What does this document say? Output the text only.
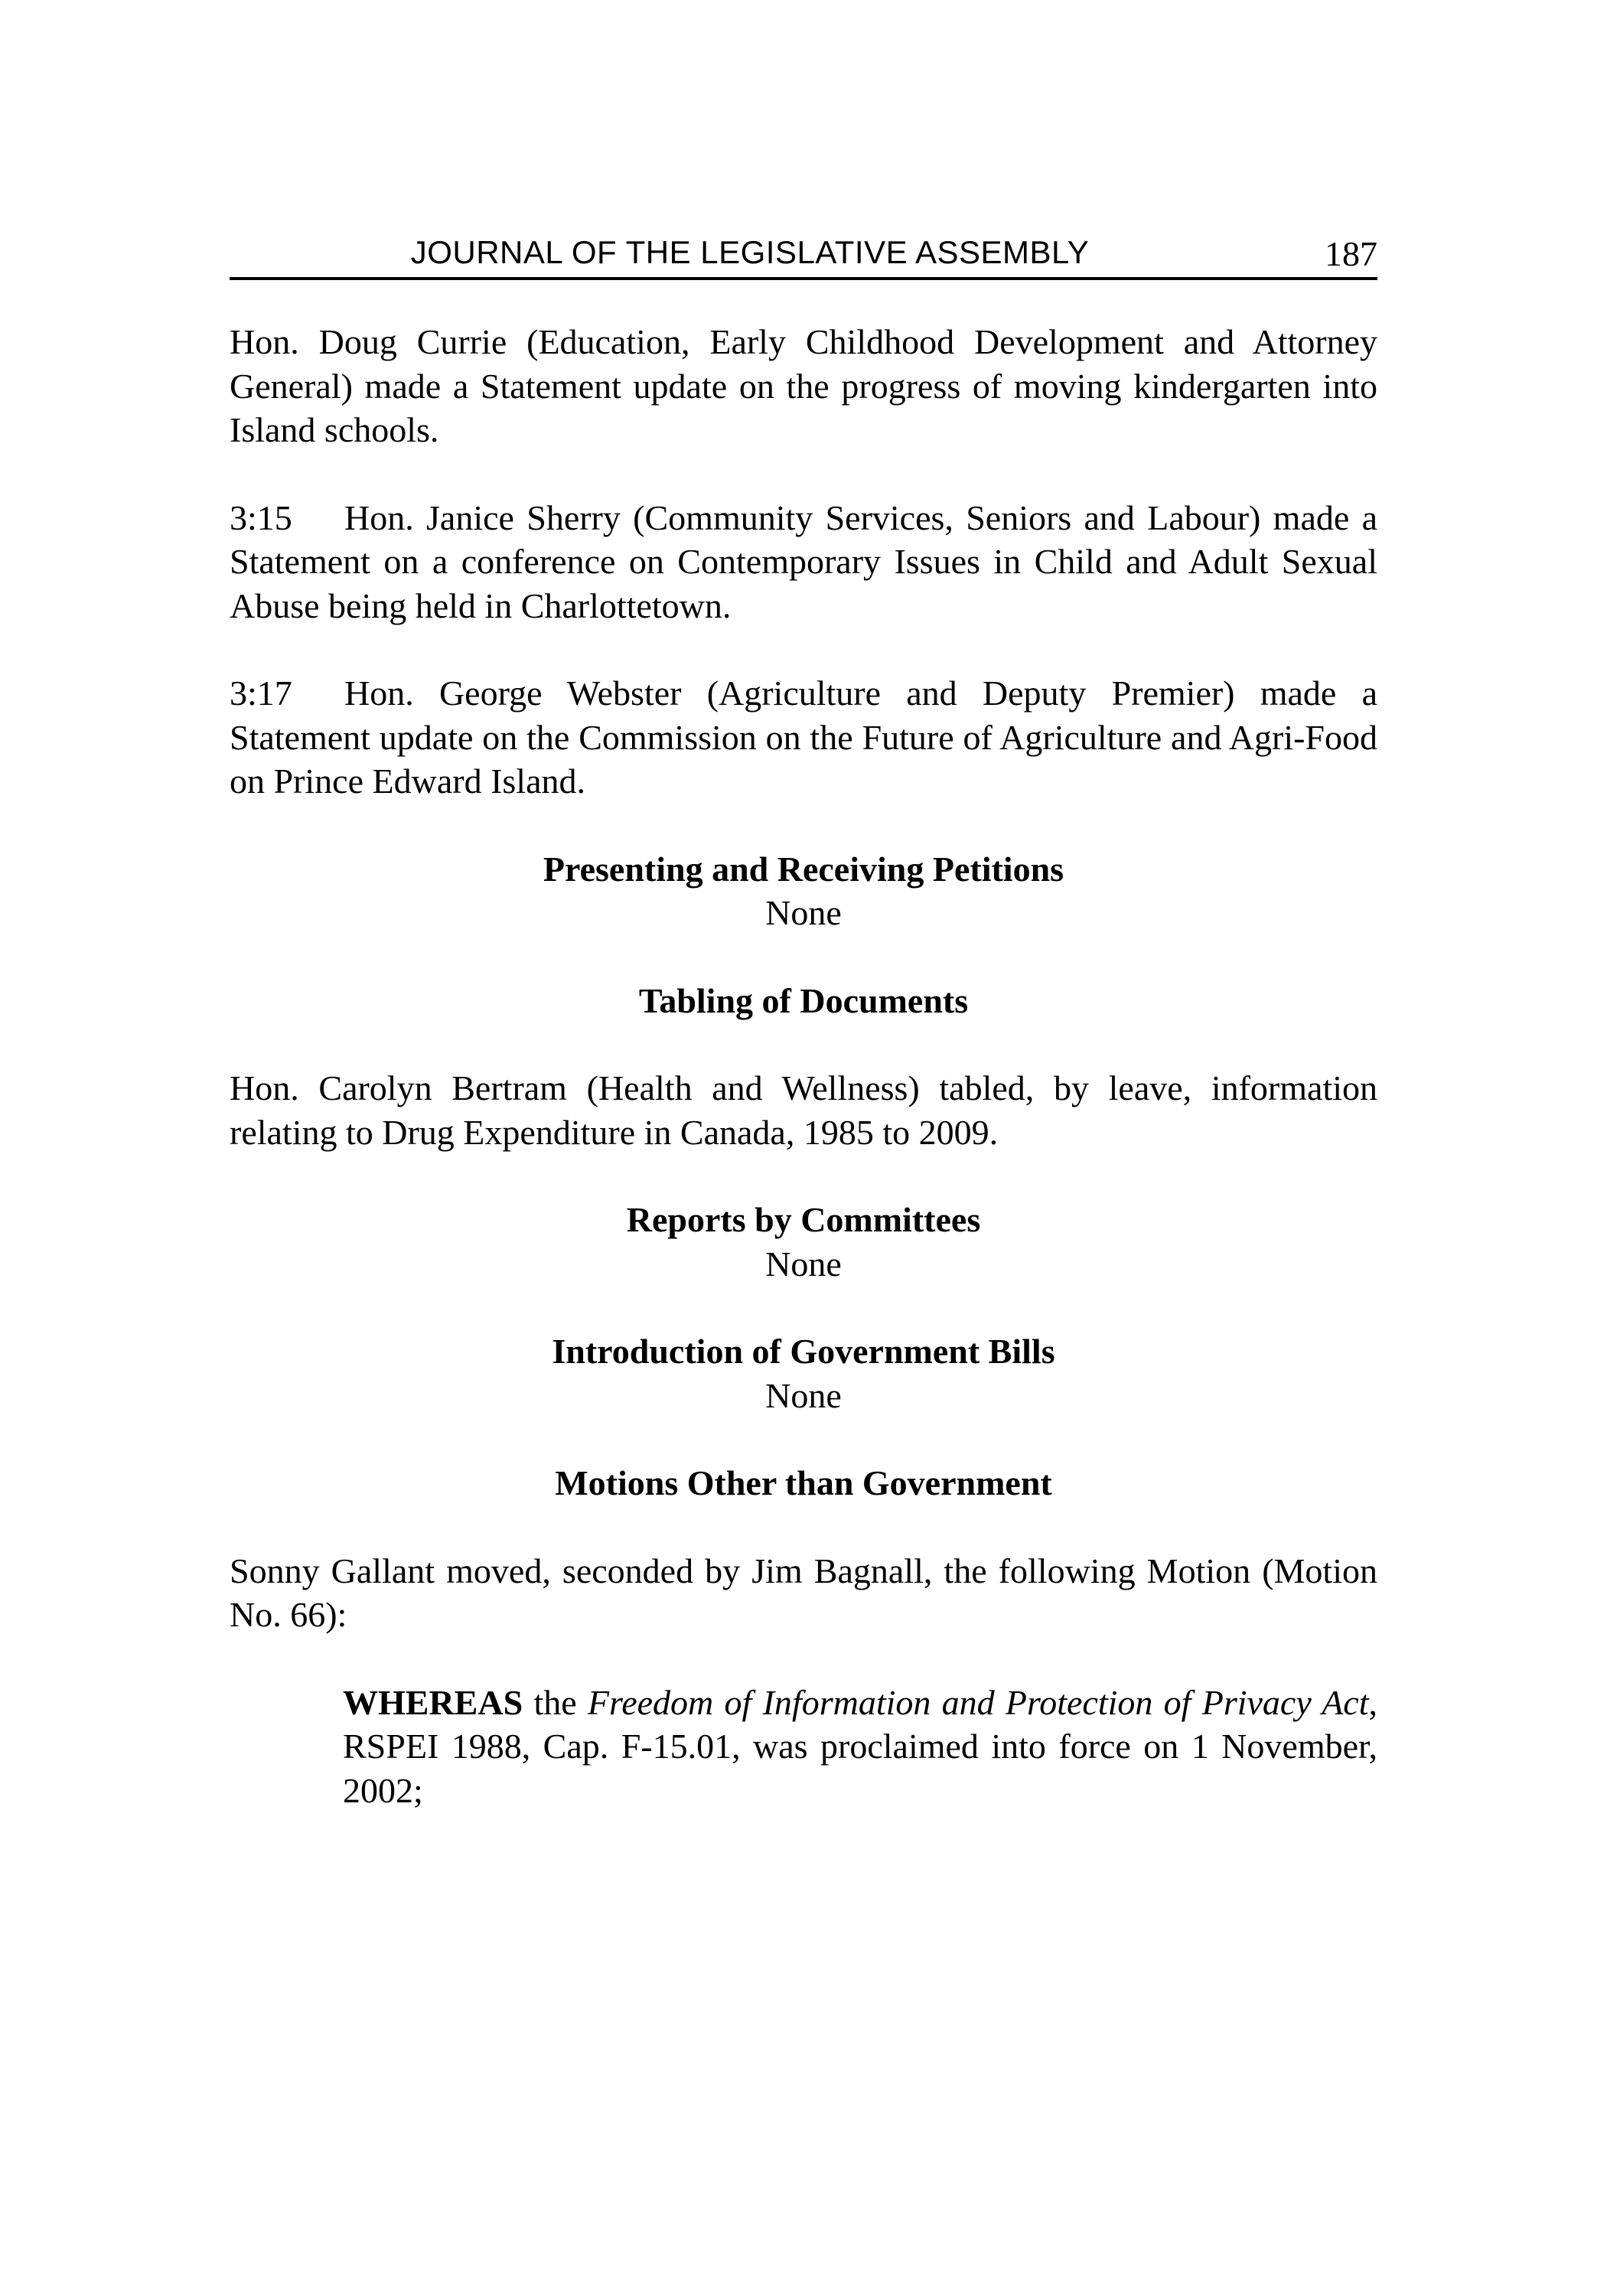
JOURNAL OF THE LEGISLATIVE ASSEMBLY	187

Hon. Doug Currie (Education, Early Childhood Development and Attorney General) made a Statement update on the progress of moving kindergarten into Island schools.

3:15 Hon. Janice Sherry (Community Services, Seniors and Labour) made a Statement on a conference on Contemporary Issues in Child and Adult Sexual Abuse being held in Charlottetown.

3:17 Hon. George Webster (Agriculture and Deputy Premier) made a Statement update on the Commission on the Future of Agriculture and Agri-Food on Prince Edward Island.

Presenting and Receiving Petitions

None

Tabling of Documents

Hon. Carolyn Bertram (Health and Wellness) tabled, by leave, information relating to Drug Expenditure in Canada, 1985 to 2009.

Reports by Committees

None

Introduction of Government Bills

None

Motions Other than Government

Sonny Gallant moved, seconded by Jim Bagnall, the following Motion (Motion No. 66):

WHEREAS the Freedom of Information and Protection of Privacy Act, RSPEI 1988, Cap. F-15.01, was proclaimed into force on 1 November, 2002;
